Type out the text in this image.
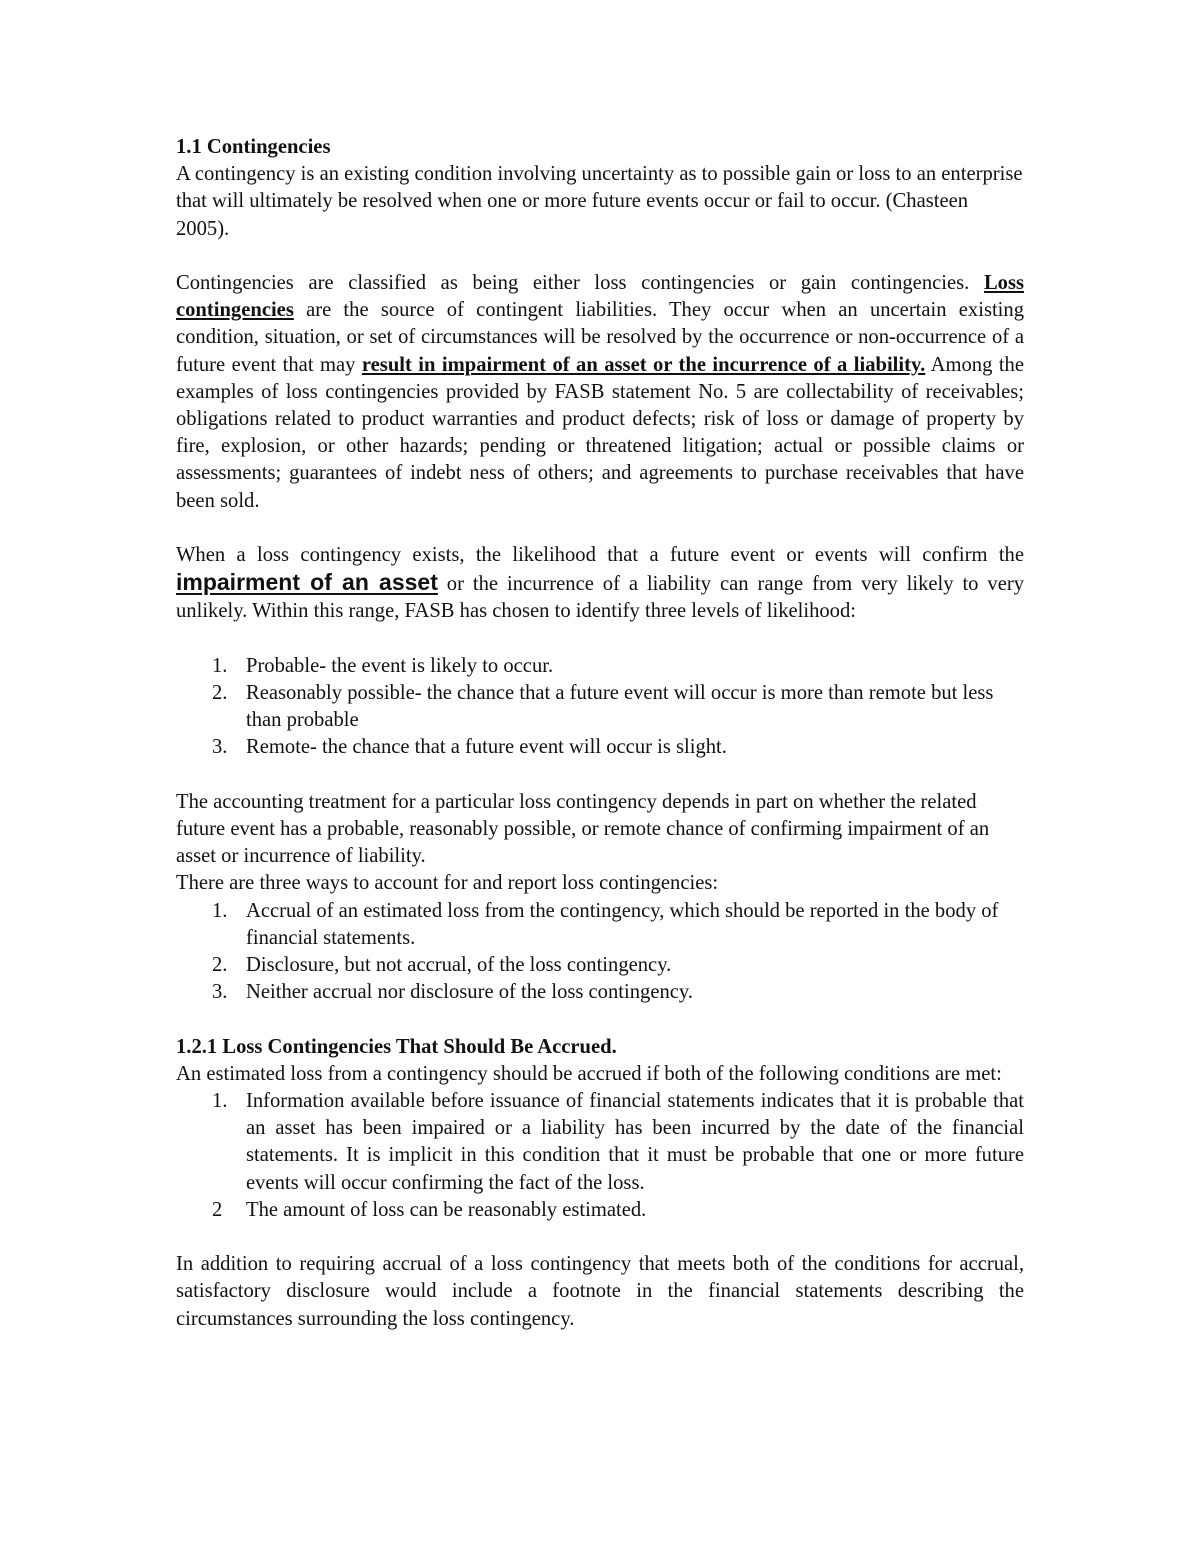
1.1 Contingencies

A contingency is an existing condition involving uncertainty as to possible gain or loss to an enterprise that will ultimately be resolved when one or more future events occur or fail to occur. (Chasteen 2005).

Contingencies are classified as being either loss contingencies or gain contingencies. Loss contingencies are the source of contingent liabilities. They occur when an uncertain existing condition, situation, or set of circumstances will be resolved by the occurrence or non-occurrence of a future event that may result in impairment of an asset or the incurrence of a liability. Among the examples of loss contingencies provided by FASB statement No. 5 are collectability of receivables; obligations related to product warranties and product defects; risk of loss or damage of property by fire, explosion, or other hazards; pending or threatened litigation; actual or possible claims or assessments; guarantees of indebt ness of others; and agreements to purchase receivables that have been sold.

When a loss contingency exists, the likelihood that a future event or events will confirm the impairment of an asset or the incurrence of a liability can range from very likely to very unlikely. Within this range, FASB has chosen to identify three levels of likelihood:

1. Probable- the event is likely to occur.
2. Reasonably possible- the chance that a future event will occur is more than remote but less than probable
3. Remote- the chance that a future event will occur is slight.

The accounting treatment for a particular loss contingency depends in part on whether the related future event has a probable, reasonably possible, or remote chance of confirming impairment of an asset or incurrence of liability.

There are three ways to account for and report loss contingencies:

1. Accrual of an estimated loss from the contingency, which should be reported in the body of financial statements.
2. Disclosure, but not accrual, of the loss contingency.
3. Neither accrual nor disclosure of the loss contingency.

1.2.1 Loss Contingencies That Should Be Accrued.

An estimated loss from a contingency should be accrued if both of the following conditions are met:

1. Information available before issuance of financial statements indicates that it is probable that an asset has been impaired or a liability has been incurred by the date of the financial statements. It is implicit in this condition that it must be probable that one or more future events will occur confirming the fact of the loss.
2 The amount of loss can be reasonably estimated.

In addition to requiring accrual of a loss contingency that meets both of the conditions for accrual, satisfactory disclosure would include a footnote in the financial statements describing the circumstances surrounding the loss contingency.
